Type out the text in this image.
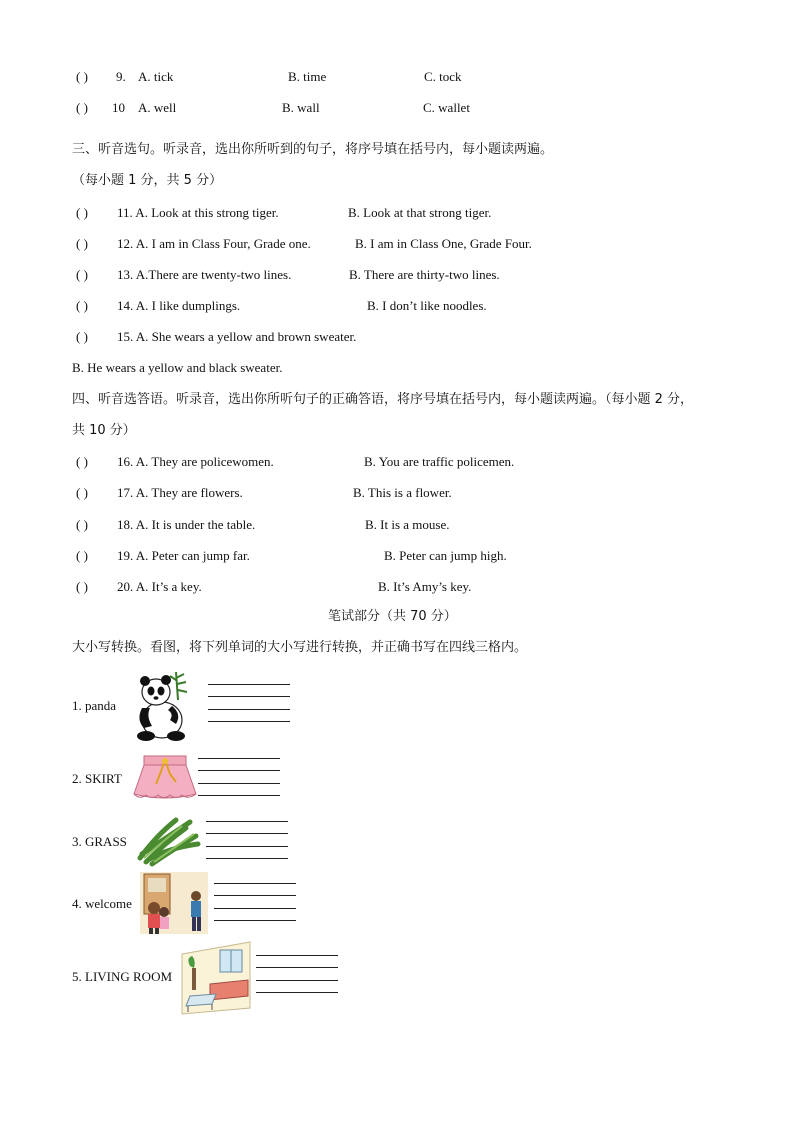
( ) 9. A. tick	B. time	C. tock
( ) 10 A. well	B. wall	C. wallet
三、听音选句。听录音，选出你所听到的句子，将序号填在括号内，每小题读两遍。
（每小题 1 分，共 5 分）
( ) 11. A. Look at this strong tiger.	B. Look at that strong tiger.
( ) 12. A. I am in Class Four, Grade one.	B. I am in Class One, Grade Four.
( ) 13. A.There are twenty-two lines.	B. There are thirty-two lines.
( ) 14. A. I like dumplings.	B. I don’t like noodles.
( ) 15. A. She wears a yellow and brown sweater.
B. He wears a yellow and black sweater.
四、听音选答语。听录音，选出你所听句子的正确答语，将序号填在括号内，每小题读两遍。（每小题 2 分，
共 10 分）
( ) 16. A. They are policewomen.	B. You are traffic policemen.
( ) 17. A. They are flowers.	B. This is a flower.
( ) 18. A. It is under the table.	B. It is a mouse.
( ) 19. A. Peter can jump far.	B. Peter can jump high.
( ) 20. A. It’s a key.	B. It’s Amy’s key.
笔试部分（共 70 分）
大小写转换。看图，将下列单词的大小写进行转换，并正确书写在四线三格内。
1. panda
2. SKIRT
3. GRASS
4. welcome
5. LIVING ROOM
